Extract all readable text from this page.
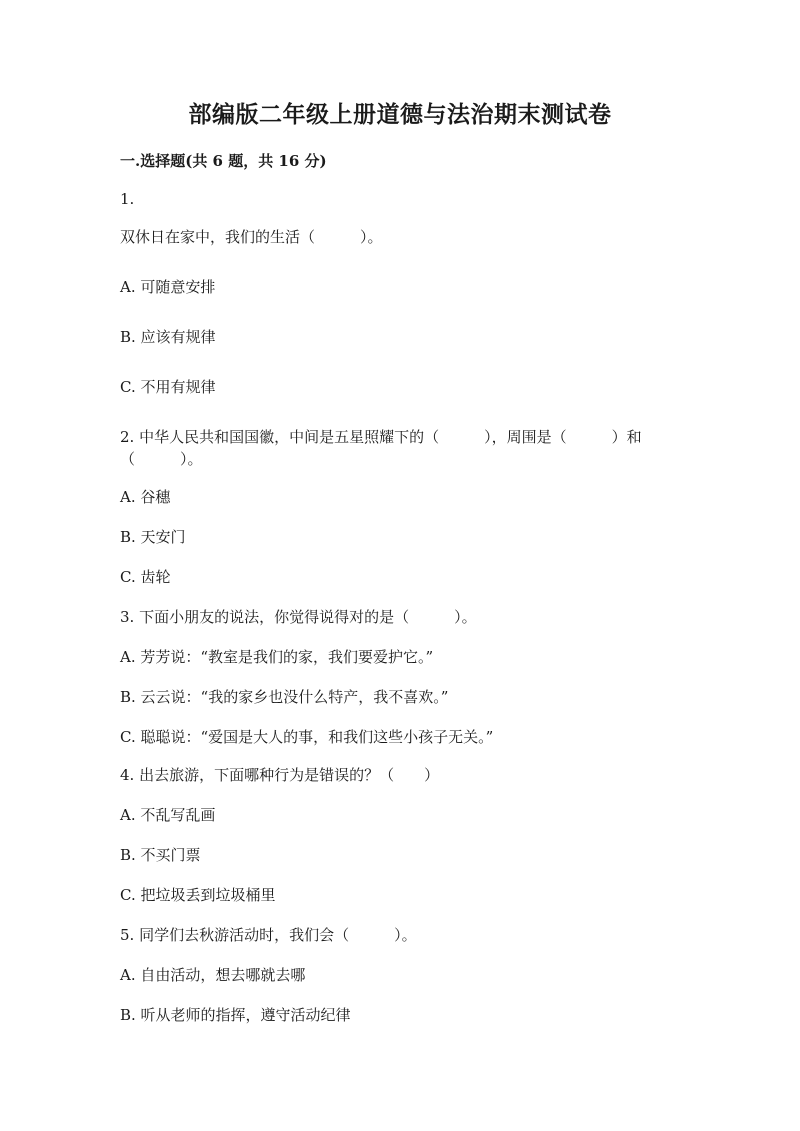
部编版二年级上册道德与法治期末测试卷
一.选择题(共 6 题，共 16 分)
1.
双休日在家中，我们的生活（　　　）。
A. 可随意安排
B. 应该有规律
C. 不用有规律
2. 中华人民共和国国徽，中间是五星照耀下的（　　　），周围是（　　　）和
（　　　）。
A. 谷穗
B. 天安门
C. 齿轮
3. 下面小朋友的说法，你觉得说得对的是（　　　）。
A. 芳芳说：“教室是我们的家，我们要爱护它。”
B. 云云说：“我的家乡也没什么特产，我不喜欢。”
C. 聪聪说：“爱国是大人的事，和我们这些小孩子无关。”
4. 出去旅游，下面哪种行为是错误的？（　　）
A. 不乱写乱画
B. 不买门票
C. 把垃圾丢到垃圾桶里
5. 同学们去秋游活动时，我们会（　　　）。
A. 自由活动，想去哪就去哪
B. 听从老师的指挥，遵守活动纪律
